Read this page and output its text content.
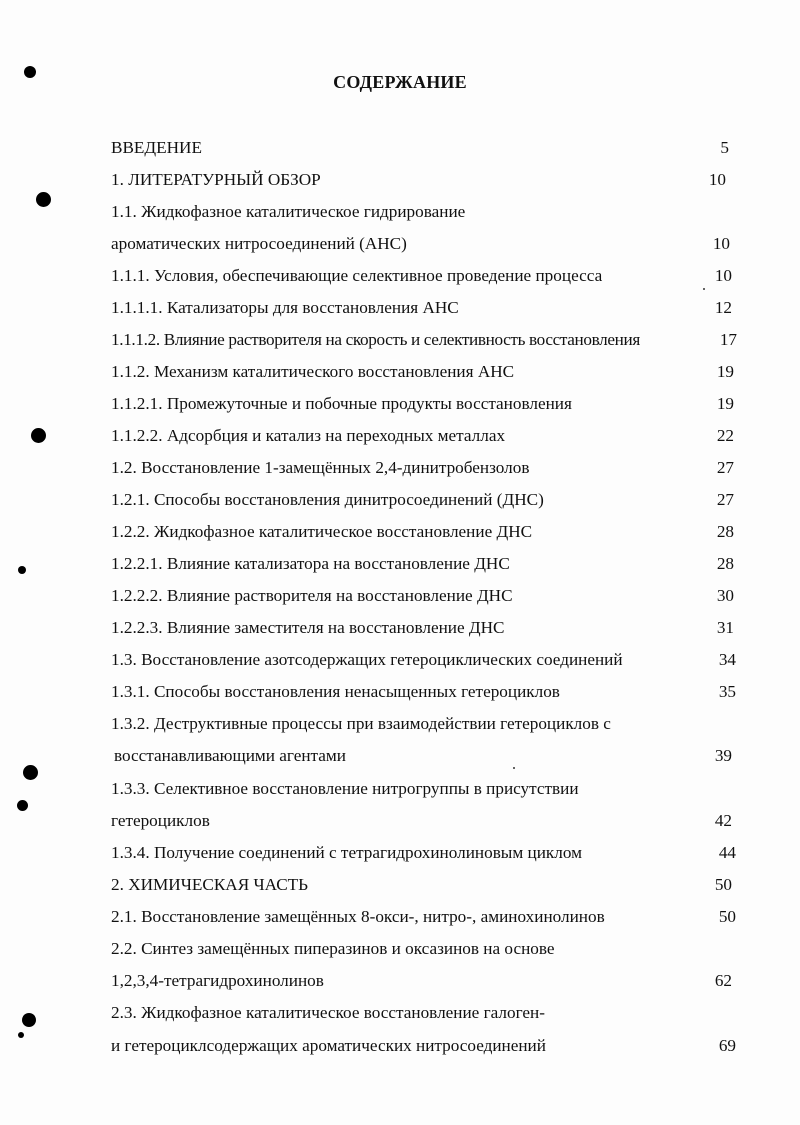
СОДЕРЖАНИЕ
ВВЕДЕНИЕ	5
1. ЛИТЕРАТУРНЫЙ ОБЗОР	10
1.1. Жидкофазное каталитическое гидрирование
ароматических нитросоединений (АНС)	10
1.1.1. Условия, обеспечивающие селективное проведение процесса	10
1.1.1.1. Катализаторы для восстановления АНС	12
1.1.1.2. Влияние растворителя на скорость и селективность восстановления	17
1.1.2. Механизм каталитического восстановления АНС	19
1.1.2.1. Промежуточные и побочные продукты восстановления	19
1.1.2.2. Адсорбция и катализ на переходных металлах	22
1.2. Восстановление 1-замещённых 2,4-динитробензолов	27
1.2.1. Способы восстановления динитросоединений (ДНС)	27
1.2.2. Жидкофазное каталитическое восстановление ДНС	28
1.2.2.1. Влияние катализатора на восстановление ДНС	28
1.2.2.2. Влияние растворителя на восстановление ДНС	30
1.2.2.3. Влияние заместителя на восстановление ДНС	31
1.3. Восстановление азотсодержащих гетероциклических соединений	34
1.3.1. Способы восстановления ненасыщенных гетероциклов	35
1.3.2. Деструктивные процессы при взаимодействии гетероциклов с
восстанавливающими агентами	39
1.3.3. Селективное восстановление нитрогруппы в присутствии
гетероциклов	42
1.3.4. Получение соединений с тетрагидрохинолиновым циклом	44
2. ХИМИЧЕСКАЯ ЧАСТЬ	50
2.1. Восстановление замещённых 8-окси-, нитро-, аминохинолинов	50
2.2. Синтез замещённых пиперазинов и оксазинов на основе
1,2,3,4-тетрагидрохинолинов	62
2.3. Жидкофазное каталитическое восстановление галоген-
и гетероциклсодержащих ароматических нитросоединений	69
